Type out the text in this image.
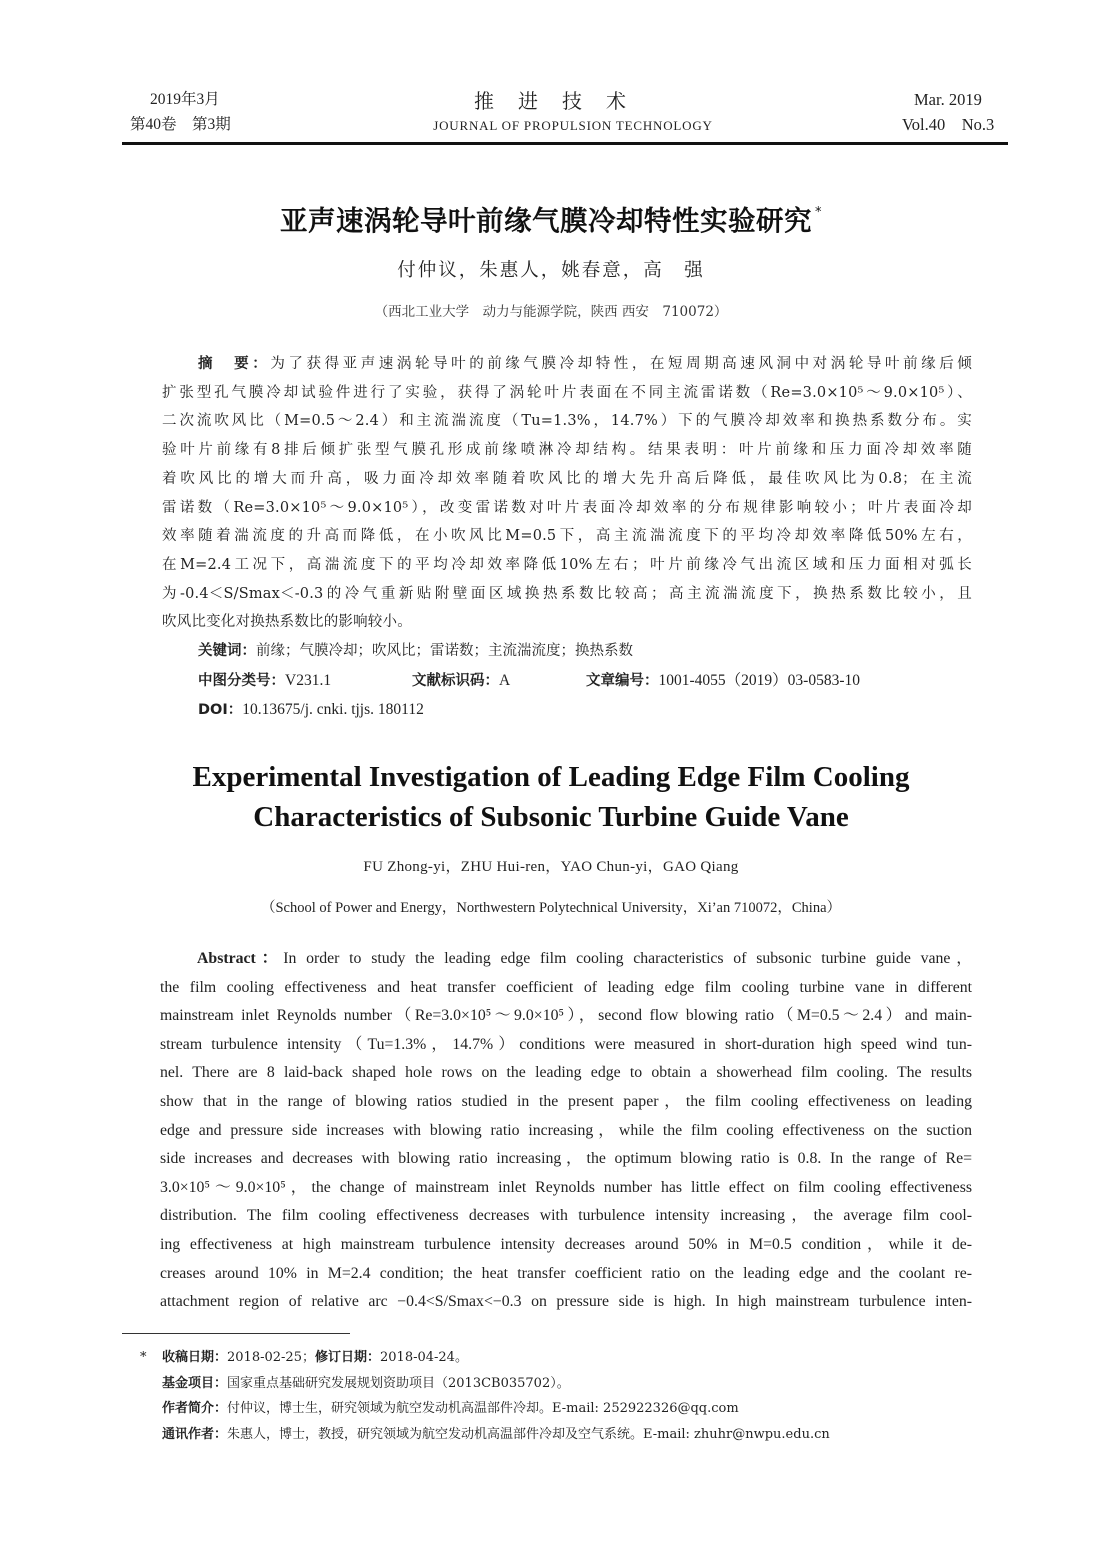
2019年3月
第40卷　第3期
推　进　技　术
JOURNAL OF PROPULSION TECHNOLOGY
Mar. 2019
Vol.40　No.3
亚声速涡轮导叶前缘气膜冷却特性实验研究 *
付仲议，朱惠人，姚春意，高　强
（西北工业大学　动力与能源学院，陕西 西安　710072）
摘　要：为了获得亚声速涡轮导叶的前缘气膜冷却特性，在短周期高速风洞中对涡轮导叶前缘后倾
扩张型孔气膜冷却试验件进行了实验，获得了涡轮叶片表面在不同主流雷诺数（Re=3.0×10⁵～9.0×10⁵）、
二次流吹风比（M=0.5～2.4）和主流湍流度（Tu=1.3%，14.7%）下的气膜冷却效率和换热系数分布。实
验叶片前缘有8排后倾扩张型气膜孔形成前缘喷淋冷却结构。结果表明：叶片前缘和压力面冷却效率随
着吹风比的增大而升高，吸力面冷却效率随着吹风比的增大先升高后降低，最佳吹风比为0.8；在主流
雷诺数（Re=3.0×10⁵～9.0×10⁵），改变雷诺数对叶片表面冷却效率的分布规律影响较小；叶片表面冷却
效率随着湍流度的升高而降低，在小吹风比M=0.5下，高主流湍流度下的平均冷却效率降低50%左右，
在M=2.4工况下，高湍流度下的平均冷却效率降低10%左右；叶片前缘冷气出流区域和压力面相对弧长
为-0.4＜S/Smax＜-0.3的冷气重新贴附壁面区域换热系数比较高；高主流湍流度下，换热系数比较小，且
吹风比变化对换热系数比的影响较小。
关键词：前缘；气膜冷却；吹风比；雷诺数；主流湍流度；换热系数
中图分类号：V231.1	文献标识码：A	文章编号：1001-4055（2019）03-0583-10
DOI：10.13675/j. cnki. tjjs. 180112
Experimental Investigation of Leading Edge Film Cooling
Characteristics of Subsonic Turbine Guide Vane
FU Zhong-yi，ZHU Hui-ren，YAO Chun-yi，GAO Qiang
（School of Power and Energy，Northwestern Polytechnical University，Xi’an 710072，China）
Abstract：In order to study the leading edge film cooling characteristics of subsonic turbine guide vane，
the film cooling effectiveness and heat transfer coefficient of leading edge film cooling turbine vane in different
mainstream inlet Reynolds number（Re=3.0×10⁵～9.0×10⁵），second flow blowing ratio（M=0.5～2.4）and main-
stream turbulence intensity（Tu=1.3%，14.7%）conditions were measured in short-duration high speed wind tun-
nel. There are 8 laid-back shaped hole rows on the leading edge to obtain a showerhead film cooling. The results
show that in the range of blowing ratios studied in the present paper，the film cooling effectiveness on leading
edge and pressure side increases with blowing ratio increasing，while the film cooling effectiveness on the suction
side increases and decreases with blowing ratio increasing，the optimum blowing ratio is 0.8. In the range of Re=
3.0×10⁵～9.0×10⁵，the change of mainstream inlet Reynolds number has little effect on film cooling effectiveness
distribution. The film cooling effectiveness decreases with turbulence intensity increasing，the average film cool-
ing effectiveness at high mainstream turbulence intensity decreases around 50% in M=0.5 condition，while it de-
creases around 10% in M=2.4 condition; the heat transfer coefficient ratio on the leading edge and the coolant re-
attachment region of relative arc −0.4<S/Smax<−0.3 on pressure side is high. In high mainstream turbulence inten-
* 收稿日期：2018-02-25；修订日期：2018-04-24。
基金项目：国家重点基础研究发展规划资助项目（2013CB035702）。
作者简介：付仲议，博士生，研究领域为航空发动机高温部件冷却。E-mail: 252922326@qq.com
通讯作者：朱惠人，博士，教授，研究领域为航空发动机高温部件冷却及空气系统。E-mail: zhuhr@nwpu.edu.cn
